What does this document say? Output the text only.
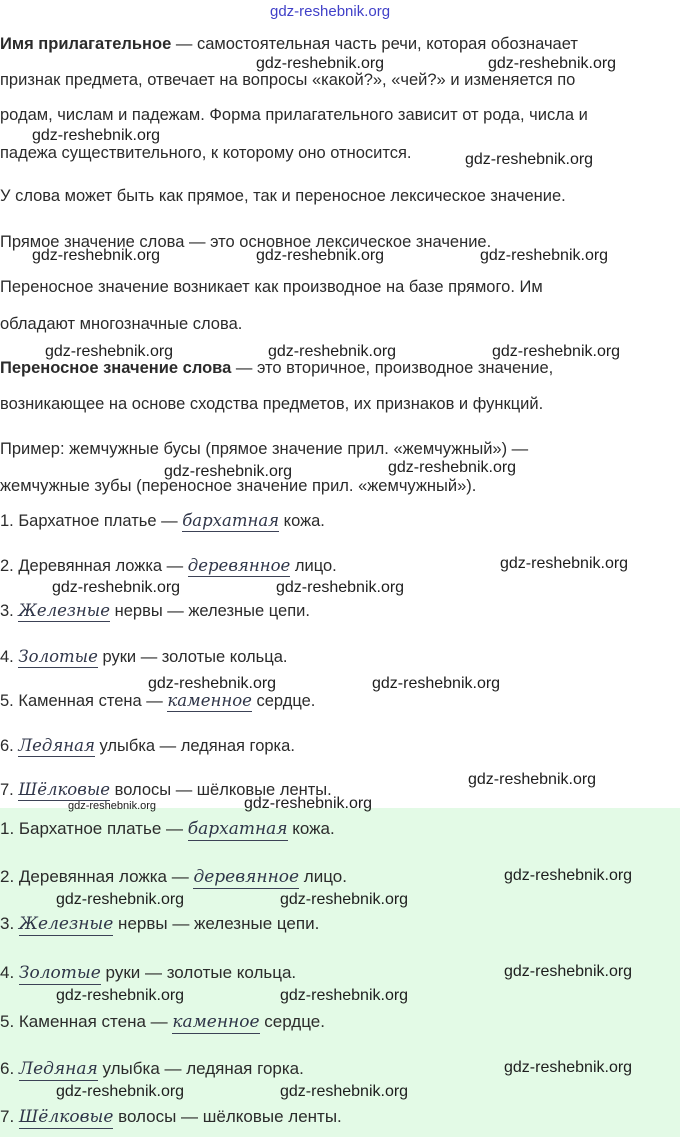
gdz-reshebnik.org
Имя прилагательное — самостоятельная часть речи, которая обозначает
признак предмета, отвечает на вопросы «какой?», «чей?» и изменяется по
родам, числам и падежам. Форма прилагательного зависит от рода, числа и
падежа существительного, к которому оно относится.
У слова может быть как прямое, так и переносное лексическое значение.
Прямое значение слова — это основное лексическое значение.
Переносное значение возникает как производное на базе прямого. Им
обладают многозначные слова.
Переносное значение слова — это вторичное, производное значение,
возникающее на основе сходства предметов, их признаков и функций.
Пример: жемчужные бусы (прямое значение прил. «жемчужный») —
жемчужные зубы (переносное значение прил. «жемчужный»).
1. Бархатное платье — бархатная кожа.
2. Деревянная ложка — деревянное лицо.
3. Железные нервы — железные цепи.
4. Золотые руки — золотые кольца.
5. Каменная стена — каменное сердце.
6. Ледяная улыбка — ледяная горка.
7. Шёлковые волосы — шёлковые ленты.
1. Бархатное платье — бархатная кожа.
2. Деревянная ложка — деревянное лицо.
3. Железные нервы — железные цепи.
4. Золотые руки — золотые кольца.
5. Каменная стена — каменное сердце.
6. Ледяная улыбка — ледяная горка.
7. Шёлковые волосы — шёлковые ленты.
gdz-reshebnik.org	gdz-reshebnik.org
gdz-reshebnik.org
gdz-reshebnik.org
gdz-reshebnik.org	gdz-reshebnik.org	gdz-reshebnik.org
gdz-reshebnik.org	gdz-reshebnik.org	gdz-reshebnik.org
gdz-reshebnik.org	gdz-reshebnik.org
gdz-reshebnik.org
gdz-reshebnik.org	gdz-reshebnik.org
gdz-reshebnik.org	gdz-reshebnik.org
gdz-reshebnik.org
gdz-reshebnik.org	gdz-reshebnik.org
gdz-reshebnik.org
gdz-reshebnik.org	gdz-reshebnik.org
gdz-reshebnik.org
gdz-reshebnik.org	gdz-reshebnik.org
gdz-reshebnik.org
gdz-reshebnik.org	gdz-reshebnik.org
